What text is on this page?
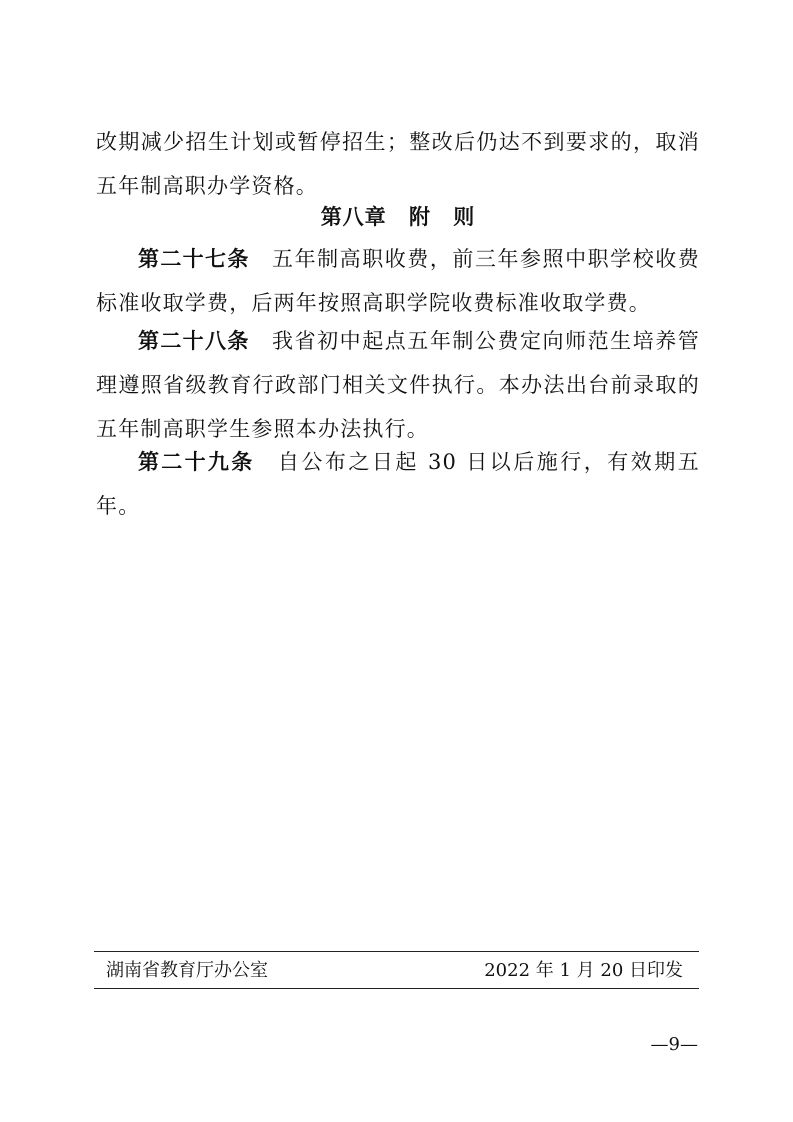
改期减少招生计划或暂停招生；整改后仍达不到要求的，取消五年制高职办学资格。

第八章 附 则

第二十七条 五年制高职收费，前三年参照中职学校收费标准收取学费，后两年按照高职学院收费标准收取学费。

第二十八条 我省初中起点五年制公费定向师范生培养管理遵照省级教育行政部门相关文件执行。本办法出台前录取的五年制高职学生参照本办法执行。

第二十九条 自公布之日起 30 日以后施行，有效期五年。

湖南省教育厅办公室	2022 年 1 月 20 日印发
—9—
